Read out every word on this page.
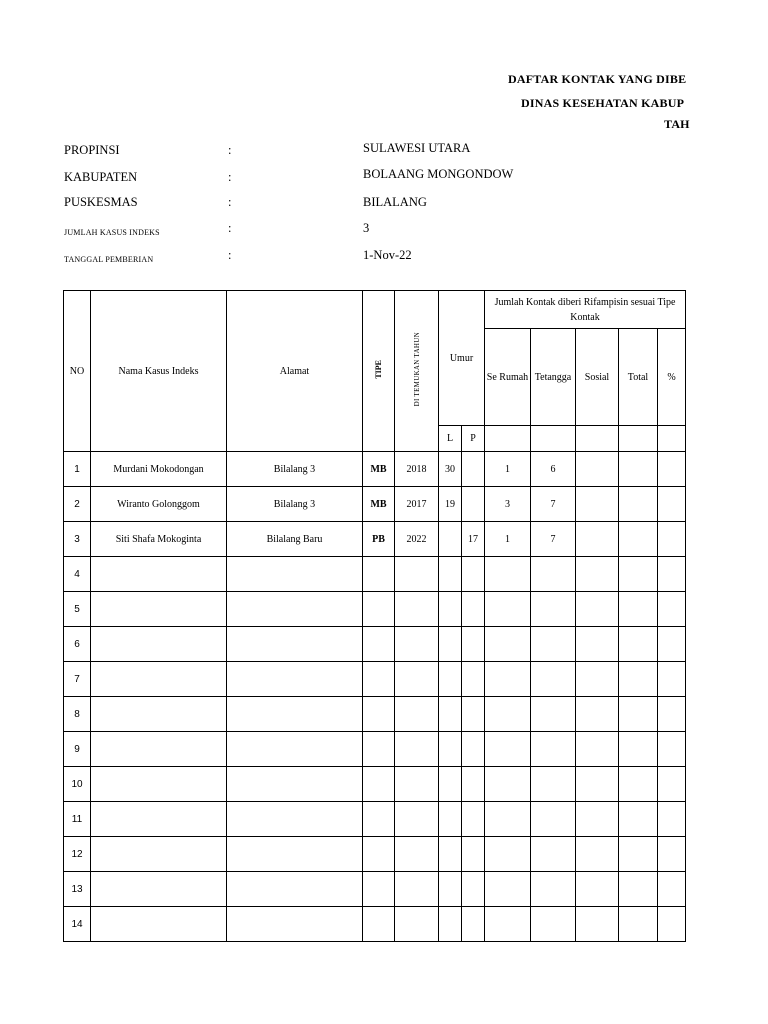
DAFTAR KONTAK YANG DIBE
DINAS KESEHATAN KABUP
TAH
PROPINSI	:	SULAWESI UTARA
KABUPATEN	:	BOLAANG MONGONDOW
PUSKESMAS	:	BILALANG
JUMLAH KASUS INDEKS	:	3
TANGGAL PEMBERIAN	:	1-Nov-22
NO	Nama Kasus Indeks	Alamat	TIPE	DI TEMUKAN TAHUN	Umur		Jumlah Kontak diberi Rifampisin sesuai Tipe Kontak				
							Se Rumah	Tetangga	Sosial	Total	%
					L	P					
1	Murdani Mokodongan	Bilalang 3	MB	2018	30		1	6			
2	Wiranto Golonggom	Bilalang 3	MB	2017	19		3	7			
3	Siti Shafa Mokoginta	Bilalang Baru	PB	2022		17	1	7			
4											
5											
6											
7											
8											
9											
10											
11											
12											
13											
14											
